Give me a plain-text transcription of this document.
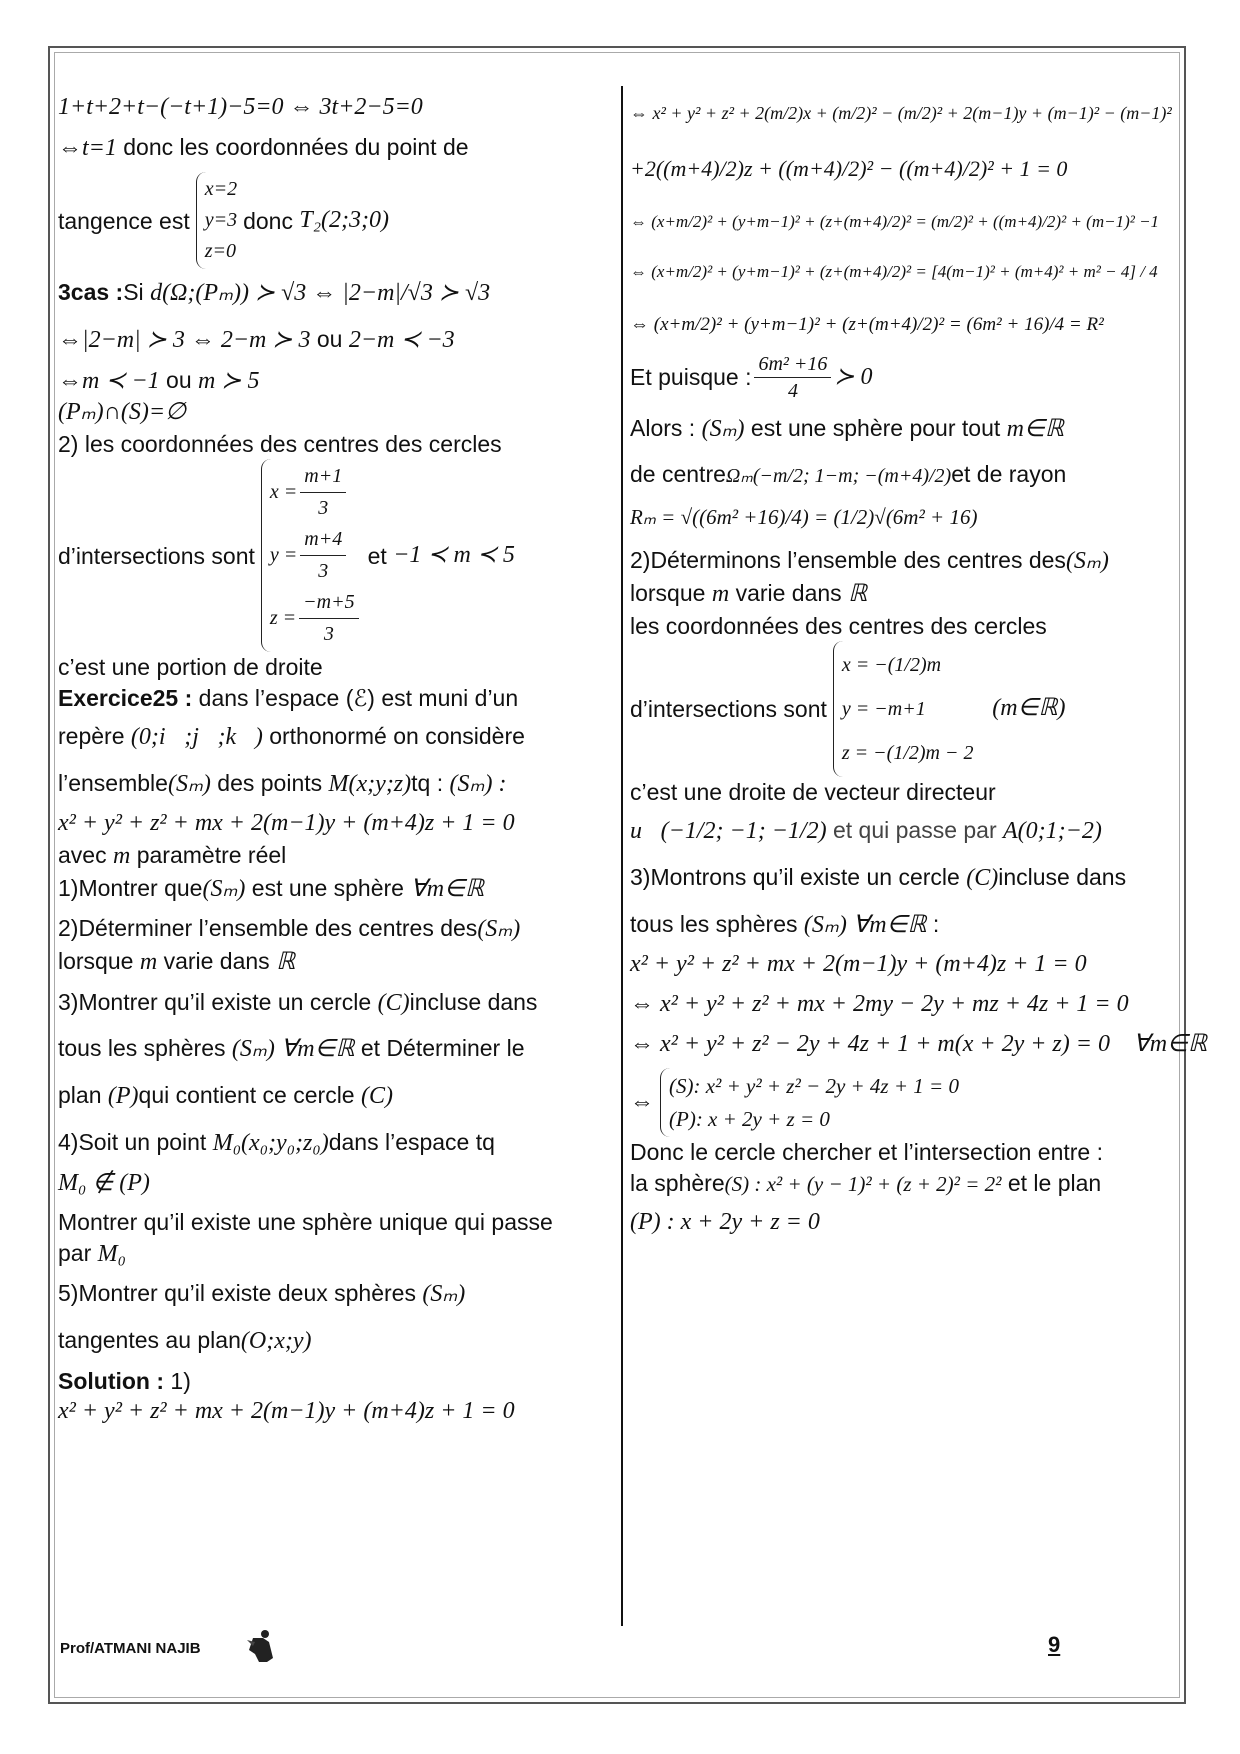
1+t+2+t−(−t+1)−5=0 ⇔ 3t+2−5=0

⇔t=1 donc les coordonnées du point de

tangence est
x=2
y=3
z=0
donc
T₂(2;3;0)

3cas :Si d(Ω;(Pₘ)) ≻ √3 ⇔ |2−m|/√3 ≻ √3

⇔|2−m| ≻ 3 ⇔ 2−m ≻ 3 ou 2−m ≺ −3

⇔m ≺ −1 ou m ≻ 5

(Pₘ)∩(S)=∅

2) les coordonnées des centres des cercles

d’intersections sont
$x = \frac{m+1}{3}$
$y = \frac{m+4}{3}$
$z = \frac{-m+5}{3}$
et
−1 ≺ m ≺ 5

c’est une portion de droite

Exercice25 : dans l’espace (ℰ) est muni d’un

repère (0;i⃗;j⃗;k⃗) orthonormé on considère

l’ensemble(Sₘ) des points M(x;y;z)tq : (Sₘ) :

x² + y² + z² + mx + 2(m−1)y + (m+4)z + 1 = 0

avec m paramètre réel

1)Montrer que(Sₘ) est une sphère ∀m∈ℝ

2)Déterminer l’ensemble des centres des(Sₘ)

lorsque m varie dans ℝ

3)Montrer qu’il existe un cercle (C)incluse dans

tous les sphères (Sₘ) ∀m∈ℝ et Déterminer le

plan (P)qui contient ce cercle (C)

4)Soit un point M₀(x₀;y₀;z₀)dans l’espace tq

M₀ ∉ (P)

Montrer qu’il existe une sphère unique qui passe

par M₀

5)Montrer qu’il existe deux sphères (Sₘ)

tangentes au plan(O;x;y)

Solution : 1)

x² + y² + z² + mx + 2(m−1)y + (m+4)z + 1 = 0

⇔ x² + y² + z² + 2(m/2)x + (m/2)² − (m/2)² + 2(m−1)y + (m−1)² − (m−1)²

+2((m+4)/2)z + ((m+4)/2)² − ((m+4)/2)² + 1 = 0

⇔ (x+m/2)² + (y+m−1)² + (z+(m+4)/2)² = (m/2)² + ((m+4)/2)² + (m−1)² −1

⇔ (x+m/2)² + (y+m−1)² + (z+(m+4)/2)² = [4(m−1)² + (m+4)² + m² − 4] / 4

⇔ (x+m/2)² + (y+m−1)² + (z+(m+4)/2)² = (6m² + 16)/4 = R²

Et puisque : $\frac{\text{6m² +16}}{4}$ ≻ 0

Alors : (Sₘ) est une sphère pour tout m∈ℝ

de centreΩₘ(−m/2; 1−m; −(m+4)/2)et de rayon

Rₘ = √((6m² +16)/4) = (1/2)√(6m² + 16)

2)Déterminons l’ensemble des centres des(Sₘ)

lorsque m varie dans ℝ

les coordonnées des centres des cercles

d’intersections sont
x = −(1/2)m
y = −m+1
z = −(1/2)m − 2

(m∈ℝ)

c’est une droite de vecteur directeur

u⃗(−1/2; −1; −1/2) et qui passe par A(0;1;−2)

3)Montrons qu’il existe un cercle (C)incluse dans

tous les sphères (Sₘ) ∀m∈ℝ :

x² + y² + z² + mx + 2(m−1)y + (m+4)z + 1 = 0

⇔ x² + y² + z² + mx + 2my − 2y + mz + 4z + 1 = 0

⇔ x² + y² + z² − 2y + 4z + 1 + m(x + 2y + z) = 0 ∀m∈ℝ

⇔
(S): x² + y² + z² − 2y + 4z + 1 = 0
(P): x + 2y + z = 0

Donc le cercle chercher et l’intersection entre :

la sphère(S) : x² + (y − 1)² + (z + 2)² = 2² et le plan

(P) : x + 2y + z = 0

Prof/ATMANI NAJIB	9
